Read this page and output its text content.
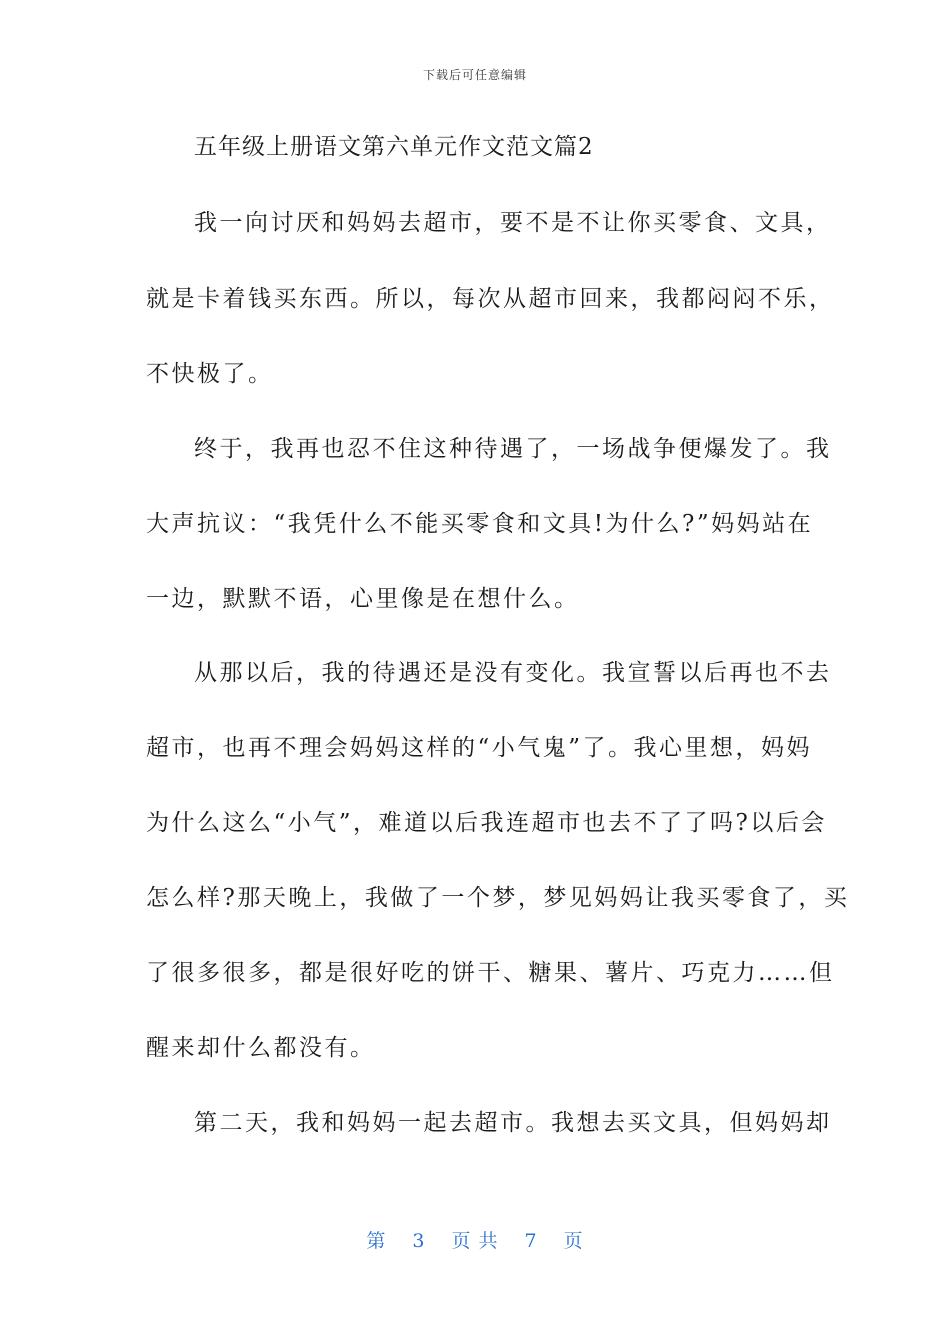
下载后可任意编辑
五年级上册语文第六单元作文范文篇2
我一向讨厌和妈妈去超市，要不是不让你买零食、文具，
就是卡着钱买东西。所以，每次从超市回来，我都闷闷不乐，
不快极了。
终于，我再也忍不住这种待遇了，一场战争便爆发了。我
大声抗议：“我凭什么不能买零食和文具!为什么?”妈妈站在
一边，默默不语，心里像是在想什么。
从那以后，我的待遇还是没有变化。我宣誓以后再也不去
超市，也再不理会妈妈这样的“小气鬼”了。我心里想，妈妈
为什么这么“小气”，难道以后我连超市也去不了了吗?以后会
怎么样?那天晚上，我做了一个梦，梦见妈妈让我买零食了，买
了很多很多，都是很好吃的饼干、糖果、薯片、巧克力……但
醒来却什么都没有。
第二天，我和妈妈一起去超市。我想去买文具，但妈妈却
第 3 页 共 7 页
